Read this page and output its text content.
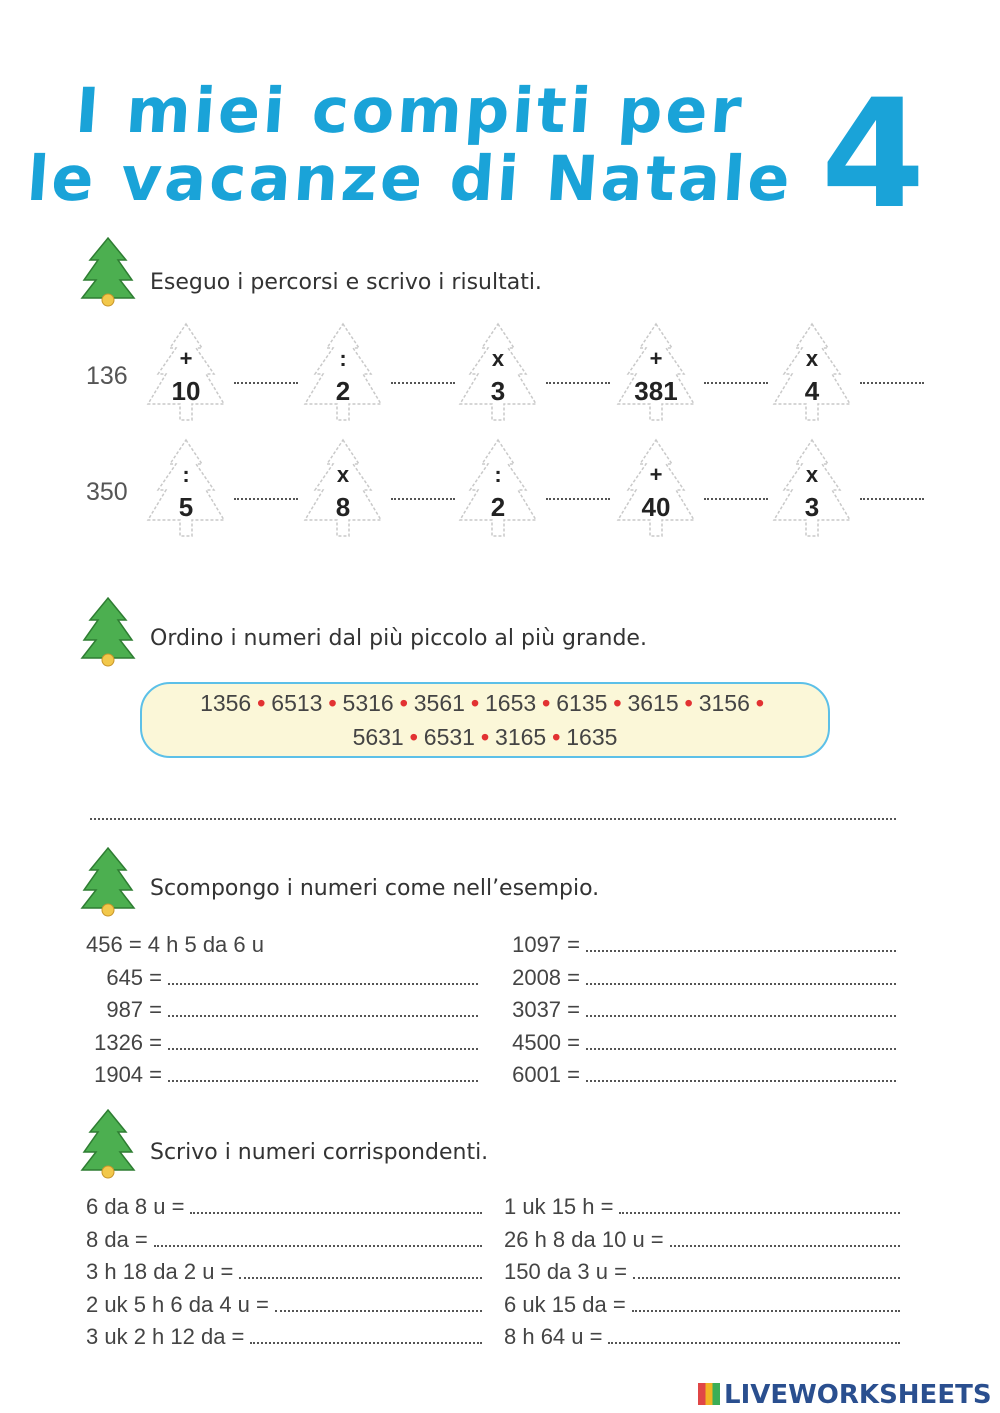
I miei compiti per
le vacanze di Natale 4
Eseguo i percorsi e scrivo i risultati.
136
+
10
:
2
x
3
+
381
x
4
350
:
5
x
8
:
2
+
40
x
3
Ordino i numeri dal più piccolo al più grande.
1356 • 6513 • 5316 • 3561 • 1653 • 6135 • 3615 • 3156 •
5631 • 6531 • 3165 • 1635
Scompongo i numeri come nell’esempio.
456 = 4 h 5 da 6 u
645 =
987 =
1326 =
1904 =
1097 =
2008 =
3037 =
4500 =
6001 =
Scrivo i numeri corrispondenti.
6 da 8 u =
8 da =
3 h 18 da 2 u =
2 uk 5 h 6 da 4 u =
3 uk 2 h 12 da =
1 uk 15 h =
26 h 8 da 10 u =
150 da 3 u =
6 uk 15 da =
8 h 64 u =
LIVEWORKSHEETS
